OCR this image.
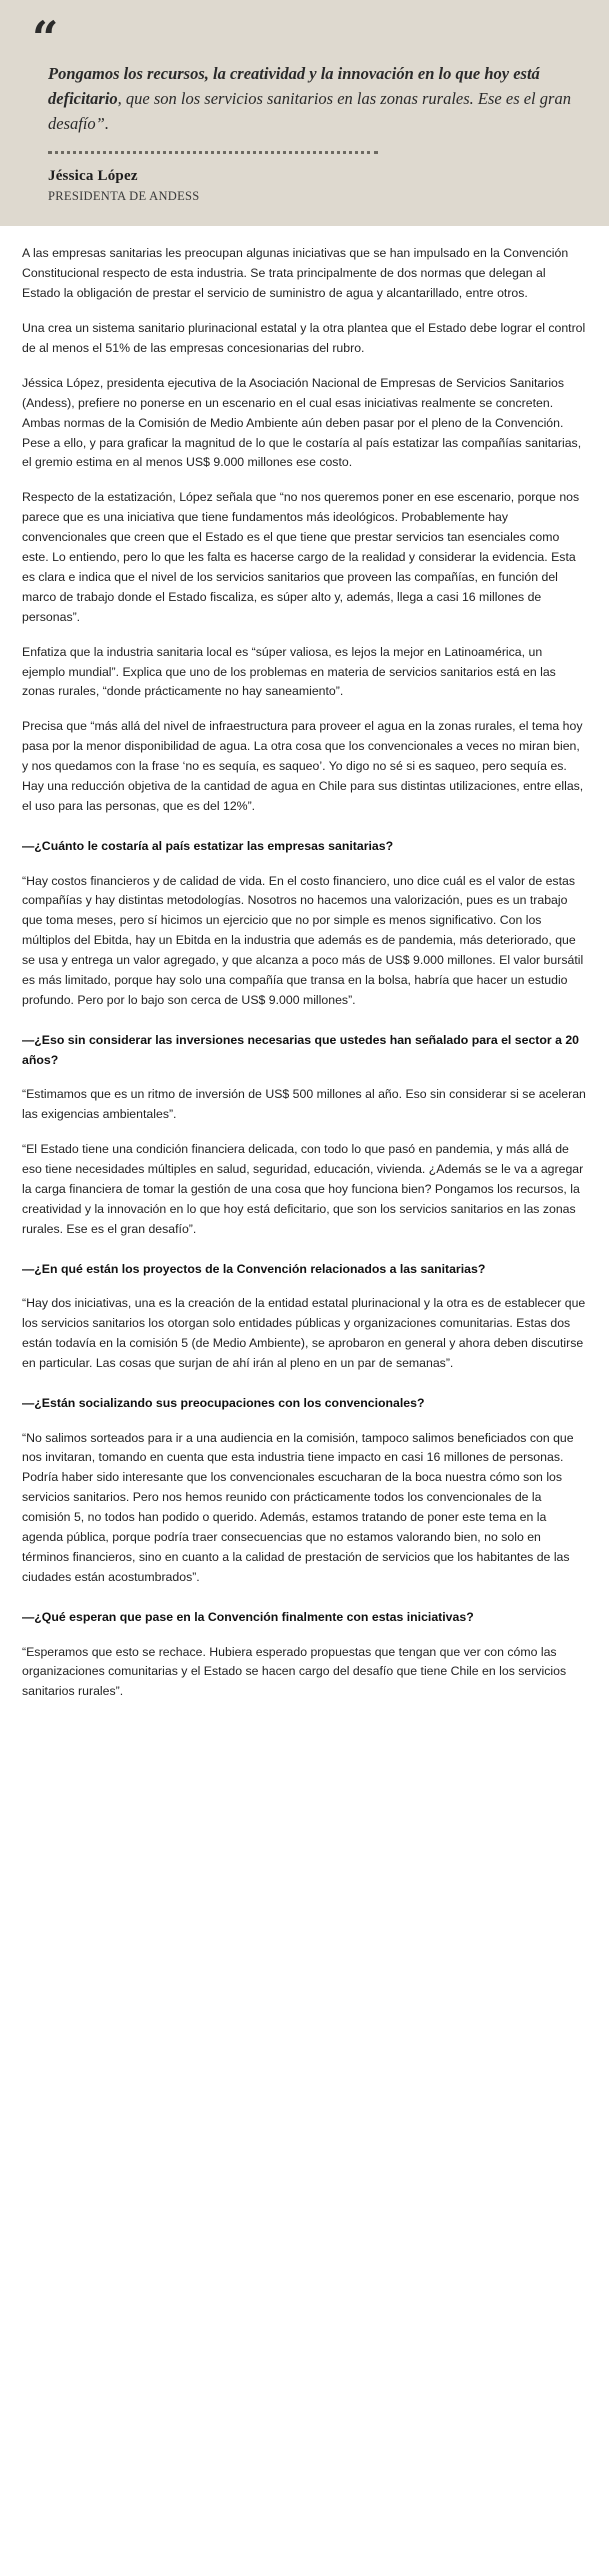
“
Pongamos los recursos, la creatividad y la innovación en lo que hoy está deficitario, que son los servicios sanitarios en las zonas rurales. Ese es el gran desafío”.
Jéssica López
PRESIDENTA DE ANDESS

A las empresas sanitarias les preocupan algunas iniciativas que se han impulsado en la Convención Constitucional respecto de esta industria. Se trata principalmente de dos normas que delegan al Estado la obligación de prestar el servicio de suministro de agua y alcantarillado, entre otros.

Una crea un sistema sanitario plurinacional estatal y la otra plantea que el Estado debe lograr el control de al menos el 51% de las empresas concesionarias del rubro.

Jéssica López, presidenta ejecutiva de la Asociación Nacional de Empresas de Servicios Sanitarios (Andess), prefiere no ponerse en un escenario en el cual esas iniciativas realmente se concreten. Ambas normas de la Comisión de Medio Ambiente aún deben pasar por el pleno de la Convención. Pese a ello, y para graficar la magnitud de lo que le costaría al país estatizar las compañías sanitarias, el gremio estima en al menos US$ 9.000 millones ese costo.

Respecto de la estatización, López señala que “no nos queremos poner en ese escenario, porque nos parece que es una iniciativa que tiene fundamentos más ideológicos. Probablemente hay convencionales que creen que el Estado es el que tiene que prestar servicios tan esenciales como este. Lo entiendo, pero lo que les falta es hacerse cargo de la realidad y considerar la evidencia. Esta es clara e indica que el nivel de los servicios sanitarios que proveen las compañías, en función del marco de trabajo donde el Estado fiscaliza, es súper alto y, además, llega a casi 16 millones de personas”.

Enfatiza que la industria sanitaria local es “súper valiosa, es lejos la mejor en Latinoamérica, un ejemplo mundial”. Explica que uno de los problemas en materia de servicios sanitarios está en las zonas rurales, “donde prácticamente no hay saneamiento”.

Precisa que “más allá del nivel de infraestructura para proveer el agua en la zonas rurales, el tema hoy pasa por la menor disponibilidad de agua. La otra cosa que los convencionales a veces no miran bien, y nos quedamos con la frase ‘no es sequía, es saqueo’. Yo digo no sé si es saqueo, pero sequía es. Hay una reducción objetiva de la cantidad de agua en Chile para sus distintas utilizaciones, entre ellas, el uso para las personas, que es del 12%”.

—¿Cuánto le costaría al país estatizar las empresas sanitarias?

“Hay costos financieros y de calidad de vida. En el costo financiero, uno dice cuál es el valor de estas compañías y hay distintas metodologías. Nosotros no hacemos una valorización, pues es un trabajo que toma meses, pero sí hicimos un ejercicio que no por simple es menos significativo. Con los múltiplos del Ebitda, hay un Ebitda en la industria que además es de pandemia, más deteriorado, que se usa y entrega un valor agregado, y que alcanza a poco más de US$ 9.000 millones. El valor bursátil es más limitado, porque hay solo una compañía que transa en la bolsa, habría que hacer un estudio profundo. Pero por lo bajo son cerca de US$ 9.000 millones”.

—¿Eso sin considerar las inversiones necesarias que ustedes han señalado para el sector a 20 años?

“Estimamos que es un ritmo de inversión de US$ 500 millones al año. Eso sin considerar si se aceleran las exigencias ambientales”.

“El Estado tiene una condición financiera delicada, con todo lo que pasó en pandemia, y más allá de eso tiene necesidades múltiples en salud, seguridad, educación, vivienda. ¿Además se le va a agregar la carga financiera de tomar la gestión de una cosa que hoy funciona bien? Pongamos los recursos, la creatividad y la innovación en lo que hoy está deficitario, que son los servicios sanitarios en las zonas rurales. Ese es el gran desafío”.

—¿En qué están los proyectos de la Convención relacionados a las sanitarias?

“Hay dos iniciativas, una es la creación de la entidad estatal plurinacional y la otra es de establecer que los servicios sanitarios los otorgan solo entidades públicas y organizaciones comunitarias. Estas dos están todavía en la comisión 5 (de Medio Ambiente), se aprobaron en general y ahora deben discutirse en particular. Las cosas que surjan de ahí irán al pleno en un par de semanas”.

—¿Están socializando sus preocupaciones con los convencionales?

“No salimos sorteados para ir a una audiencia en la comisión, tampoco salimos beneficiados con que nos invitaran, tomando en cuenta que esta industria tiene impacto en casi 16 millones de personas. Podría haber sido interesante que los convencionales escucharan de la boca nuestra cómo son los servicios sanitarios. Pero nos hemos reunido con prácticamente todos los convencionales de la comisión 5, no todos han podido o querido. Además, estamos tratando de poner este tema en la agenda pública, porque podría traer consecuencias que no estamos valorando bien, no solo en términos financieros, sino en cuanto a la calidad de prestación de servicios que los habitantes de las ciudades están acostumbrados”.

—¿Qué esperan que pase en la Convención finalmente con estas iniciativas?

“Esperamos que esto se rechace. Hubiera esperado propuestas que tengan que ver con cómo las organizaciones comunitarias y el Estado se hacen cargo del desafío que tiene Chile en los servicios sanitarios rurales”.
